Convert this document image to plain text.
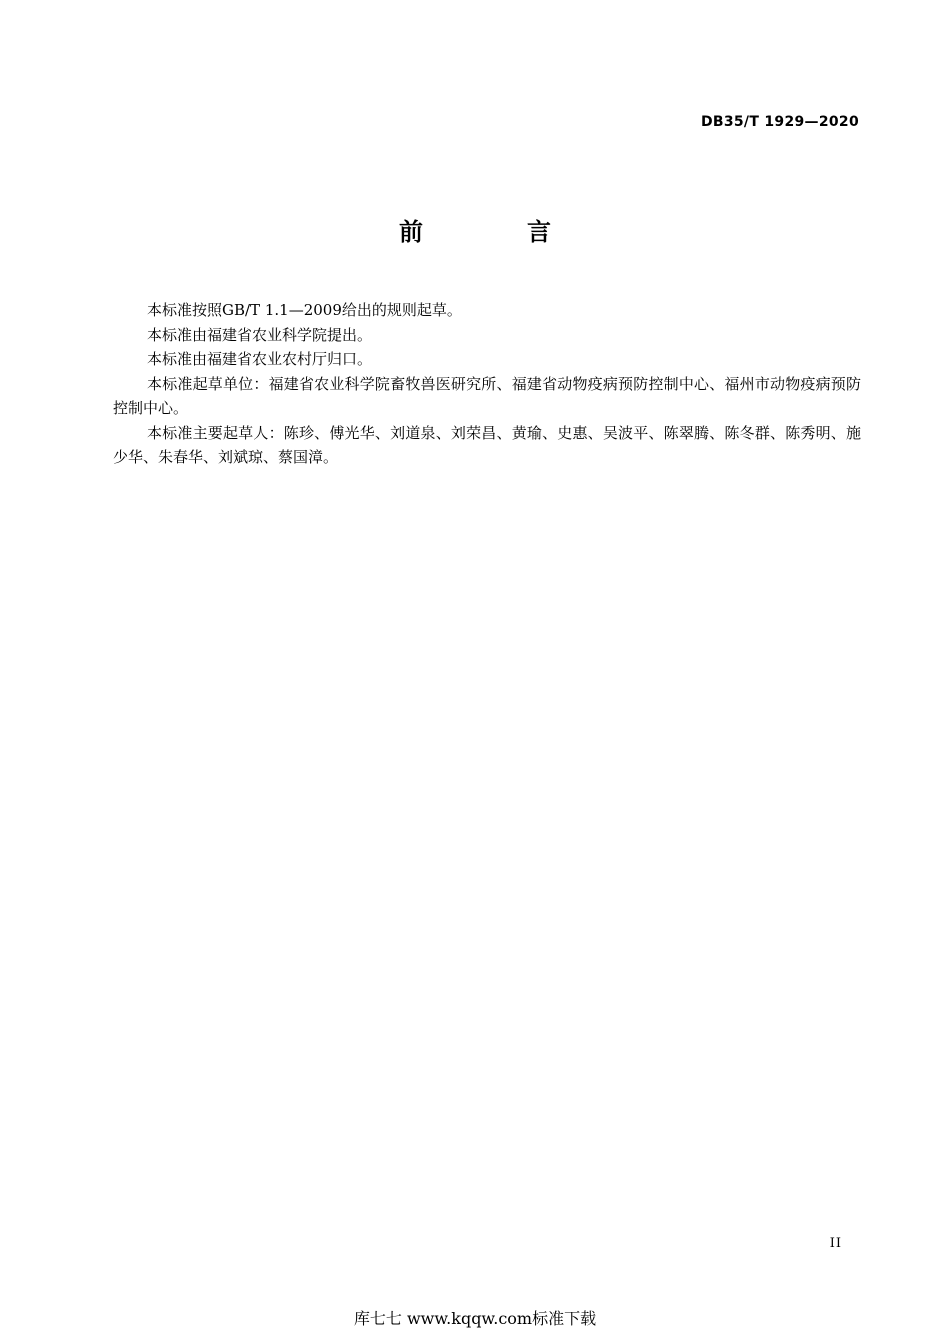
DB35/T 1929—2020
前　言

本标准按照GB/T 1.1—2009给出的规则起草。

本标准由福建省农业科学院提出。

本标准由福建省农业农村厅归口。

本标准起草单位：福建省农业科学院畜牧兽医研究所、福建省动物疫病预防控制中心、福州市动物疫病预防控制中心。

本标准主要起草人：陈珍、傅光华、刘道泉、刘荣昌、黄瑜、史惠、吴波平、陈翠腾、陈冬群、陈秀明、施少华、朱春华、刘斌琼、蔡国漳。

II
库七七 www.kqqw.com标准下载
